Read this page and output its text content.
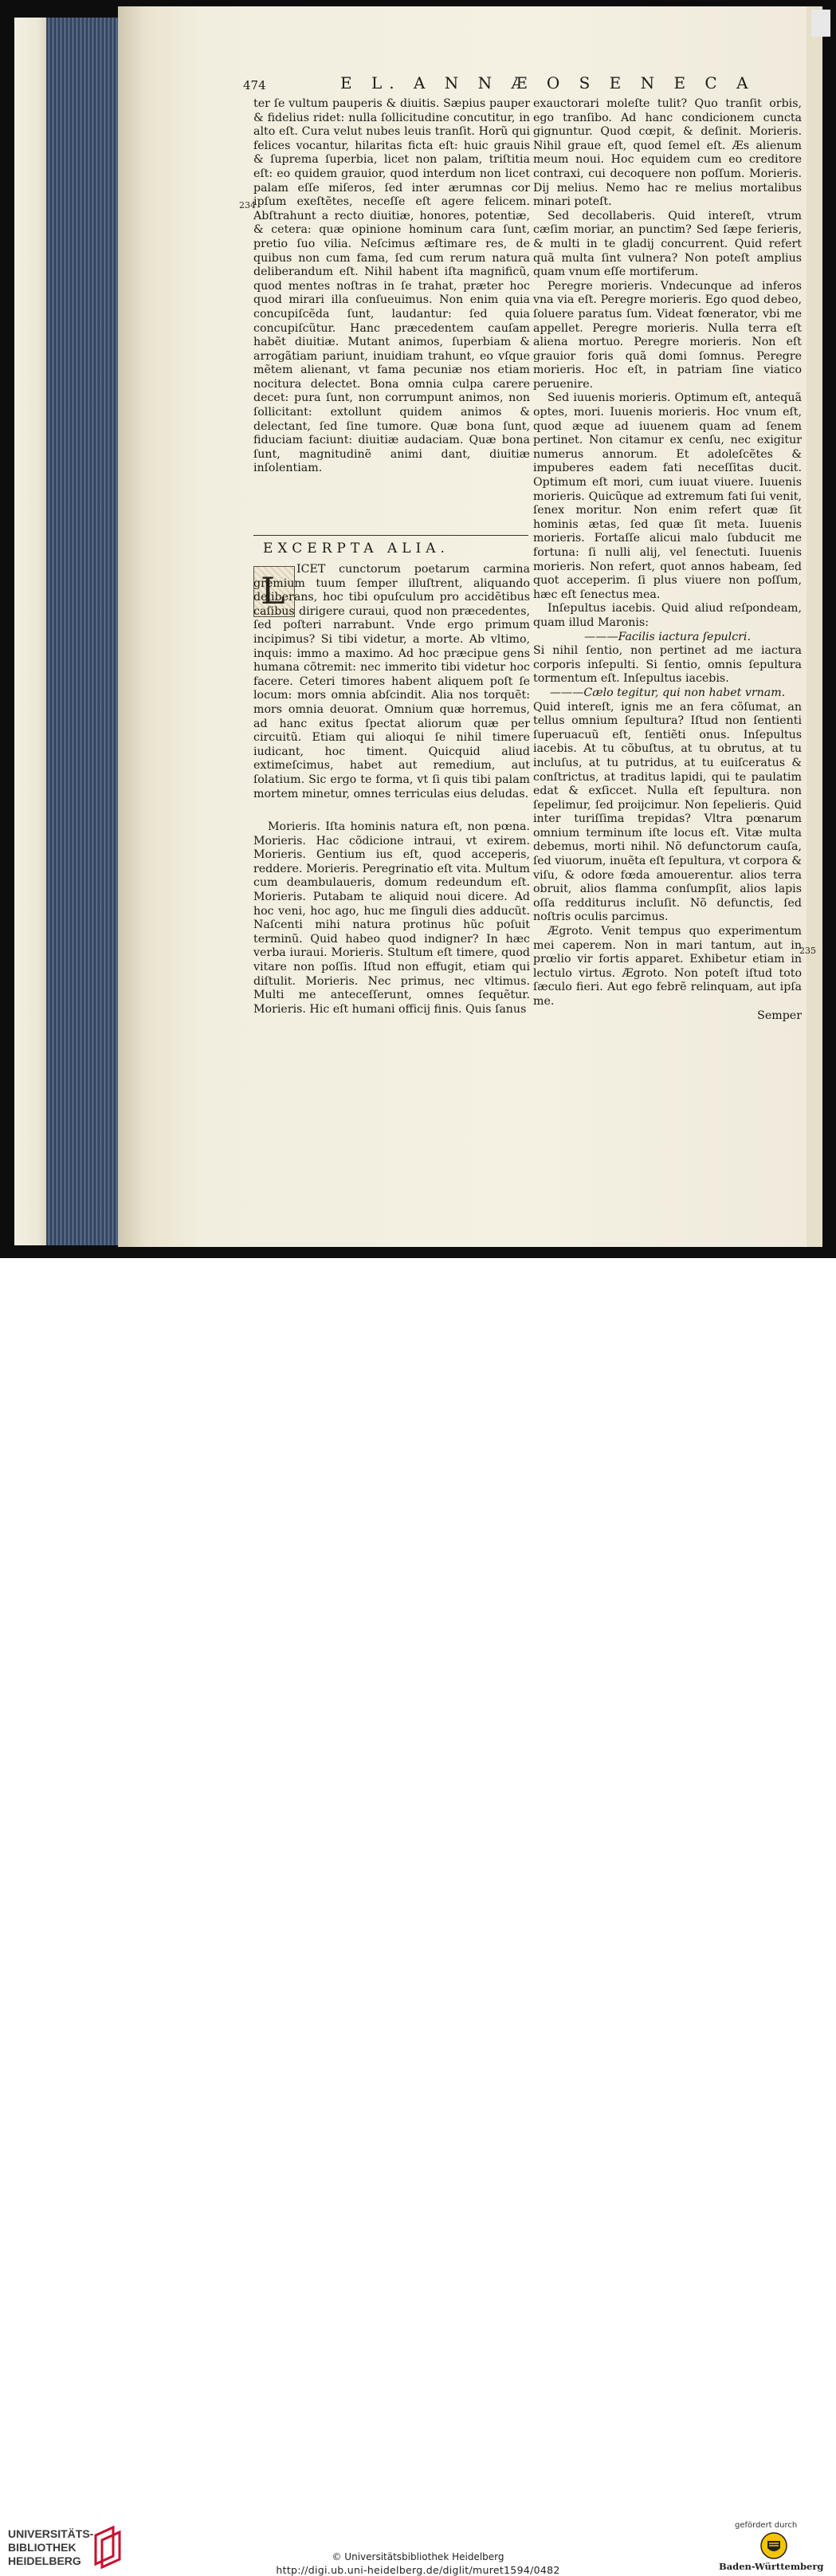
474	E L. A N N Æ O S E N E C A
234
235

ter ſe vultum pauperis & diuitis. Sæpius pauper & fidelius ridet: nulla ſollicitudine concutitur, in alto eſt. Cura velut nubes leuis tranſit. Horũ qui felices vocantur, hilaritas ficta eſt: huic grauis & ſuprema ſuperbia, licet non palam, triſtitia eſt: eo quidem grauior, quod interdum non licet palam eſſe miſeros, ſed inter ærumnas cor ipſum exeſtẽtes, neceſſe eſt agere felicem. Abſtrahunt a recto diuitiæ, honores, potentiæ, & cetera: quæ opinione hominum cara ſunt, pretio ſuo vilia. Neſcimus æſtimare res, de quibus non cum fama, ſed cum rerum natura deliberandum eſt. Nihil habent iſta magnificũ, quod mentes noſtras in ſe trahat, præter hoc quod mirari illa conſueuimus. Non enim quia concupiſcẽda ſunt, laudantur: ſed quia concupiſcũtur. Hanc præcedentem cauſam habẽt diuitiæ. Mutant animos, ſuperbiam & arrogãtiam pariunt, inuidiam trahunt, eo vſque mẽtem alienant, vt fama pecuniæ nos etiam nocitura delectet. Bona omnia culpa carere decet: pura ſunt, non corrumpunt animos, non ſollicitant: extollunt quidem animos & delectant, ſed ſine tumore. Quæ bona ſunt, fiduciam faciunt: diuitiæ audaciam. Quæ bona ſunt, magnitudinẽ animi dant, diuitiæ inſolentiam.

EXCERPTA ALIA.
L	ICET cunctorum poetarum carmina gremium tuum ſemper illuſtrent, aliquando deliberans, hoc tibi opuſculum pro accidẽtibus caſibus dirigere curaui, quod non præcedentes, ſed poſteri narrabunt. Vnde ergo primum incipimus? Si tibi videtur, a morte. Ab vltimo, inquis: immo a maximo. Ad hoc præcipue gens humana cõtremit: nec immerito tibi videtur hoc facere. Ceteri timores habent aliquem poſt ſe locum: mors omnia abſcindit. Alia nos torquẽt: mors omnia deuorat. Omnium quæ horremus, ad hanc exitus ſpectat aliorum quæ per circuitũ. Etiam qui alioqui ſe nihil timere iudicant, hoc timent. Quicquid aliud extimeſcimus, habet aut remedium, aut ſolatium. Sic ergo te forma, vt ſi quis tibi palam mortem minetur, omnes terriculas eius deludas.

Morieris. Iſta hominis natura eſt, non pœna. Morieris. Hac cõdicione intraui, vt exirem. Morieris. Gentium ius eſt, quod acceperis, reddere. Morieris. Peregrinatio eſt vita. Multum cum deambulaueris, domum redeundum eſt. Morieris. Putabam te aliquid noui dicere. Ad hoc veni, hoc ago, huc me ſinguli dies adducũt. Naſcenti mihi natura protinus hũc poſuit terminũ. Quid habeo quod indigner? In hæc verba iuraui. Morieris. Stultum eſt timere, quod vitare non poſſis. Iſtud non effugit, etiam qui diſtulit. Morieris. Nec primus, nec vltimus. Multi me anteceſſerunt, omnes ſequẽtur. Morieris. Hic eſt humani officij finis. Quis ſanus

exauctorari moleſte tulit? Quo tranſit orbis, ego tranſibo. Ad hanc condicionem cuncta gignuntur. Quod cœpit, & deſinit. Morieris. Nihil graue eſt, quod ſemel eſt. Æs alienum meum noui. Hoc equidem cum eo creditore contraxi, cui decoquere non poſſum. Morieris. Dij melius. Nemo hac re melius mortalibus minari poteſt.

Sed decollaberis. Quid intereſt, vtrum cæſim moriar, an punctim? Sed ſæpe ferieris, & multi in te gladij concurrent. Quid refert quã multa ſint vulnera? Non poteſt amplius quam vnum eſſe mortiferum.

Peregre morieris. Vndecunque ad inferos vna via eſt. Peregre morieris. Ego quod debeo, ſoluere paratus ſum. Videat fœnerator, vbi me appellet. Peregre morieris. Nulla terra eſt aliena mortuo. Peregre morieris. Non eſt grauior foris quã domi ſomnus. Peregre morieris. Hoc eſt, in patriam ſine viatico peruenire.

Sed iuuenis morieris. Optimum eſt, antequã optes, mori. Iuuenis morieris. Hoc vnum eſt, quod æque ad iuuenem quam ad ſenem pertinet. Non citamur ex cenſu, nec exigitur numerus annorum. Et adoleſcẽtes & impuberes eadem fati neceſſitas ducit. Optimum eſt mori, cum iuuat viuere. Iuuenis morieris. Quicũque ad extremum fati ſui venit, ſenex moritur. Non enim refert quæ ſit hominis ætas, ſed quæ ſit meta. Iuuenis morieris. Fortaſſe alicui malo ſubducit me fortuna: ſi nulli alij, vel ſenectuti. Iuuenis morieris. Non refert, quot annos habeam, ſed quot acceperim. ſi plus viuere non poſſum, hæc eſt ſenectus mea.

Inſepultus iacebis. Quid aliud reſpondeam, quam illud Maronis:

———Facilis iactura ſepulcri.

Si nihil ſentio, non pertinet ad me iactura corporis inſepulti. Si ſentio, omnis ſepultura tormentum eſt. Inſepultus iacebis.

———Cælo tegitur, qui non habet vrnam.

Quid intereſt, ignis me an fera cõſumat, an tellus omnium ſepultura? Iſtud non ſentienti ſuperuacuũ eſt, ſentiẽti onus. Inſepultus iacebis. At tu cõbuſtus, at tu obrutus, at tu incluſus, at tu putridus, at tu euiſceratus & conſtrictus, at traditus lapidi, qui te paulatim edat & exſiccet. Nulla eſt ſepultura. non ſepelimur, ſed proijcimur. Non ſepelieris. Quid inter turiſſima trepidas? Vltra pœnarum omnium terminum iſte locus eſt. Vitæ multa debemus, morti nihil. Nõ defunctorum cauſa, ſed viuorum, inuẽta eſt ſepultura, vt corpora & viſu, & odore fœda amouerentur. alios terra obruit, alios flamma conſumpſit, alios lapis oſſa redditurus incluſit. Nõ defunctis, ſed noſtris oculis parcimus.

Ægroto. Venit tempus quo experimentum mei caperem. Non in mari tantum, aut in prœlio vir fortis apparet. Exhibetur etiam in lectulo virtus. Ægroto. Non poteſt iſtud toto ſæculo fieri. Aut ego febrẽ relinquam, aut ipſa me.

Semper

UNIVERSITÄTS-
BIBLIOTHEK
HEIDELBERG	© Universitätsbibliothek Heidelberg
http://digi.ub.uni-heidelberg.de/diglit/muret1594/0482
gefördert durch
Baden-Württemberg
